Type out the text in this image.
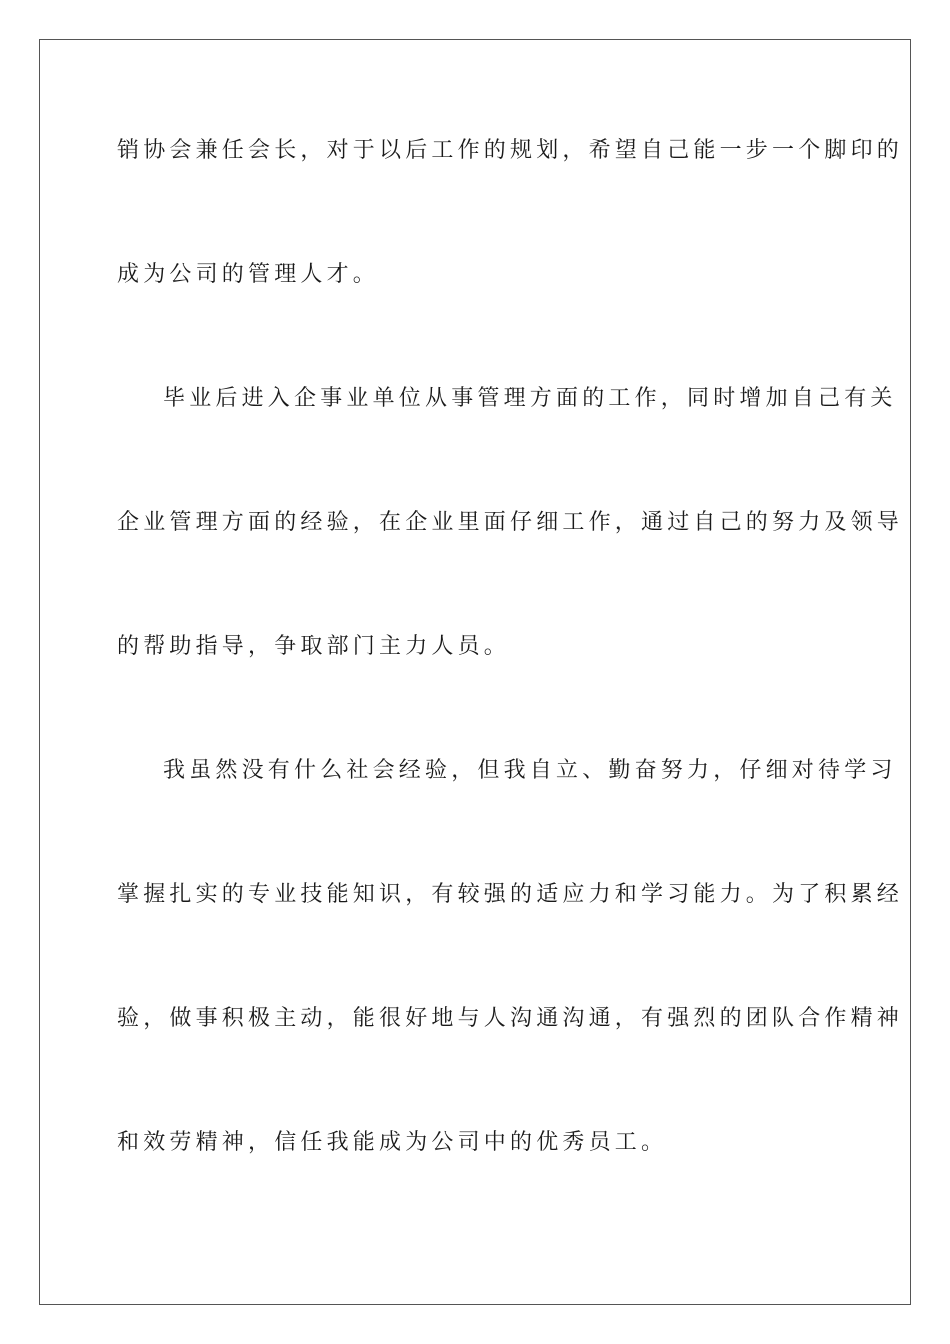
销协会兼任会长，对于以后工作的规划，希望自己能一步一个脚印的
成为公司的管理人才。
毕业后进入企事业单位从事管理方面的工作，同时增加自己有关
企业管理方面的经验，在企业里面仔细工作，通过自己的努力及领导
的帮助指导，争取部门主力人员。
我虽然没有什么社会经验，但我自立、勤奋努力，仔细对待学习
掌握扎实的专业技能知识，有较强的适应力和学习能力。为了积累经
验，做事积极主动，能很好地与人沟通沟通，有强烈的团队合作精神
和效劳精神，信任我能成为公司中的优秀员工。
